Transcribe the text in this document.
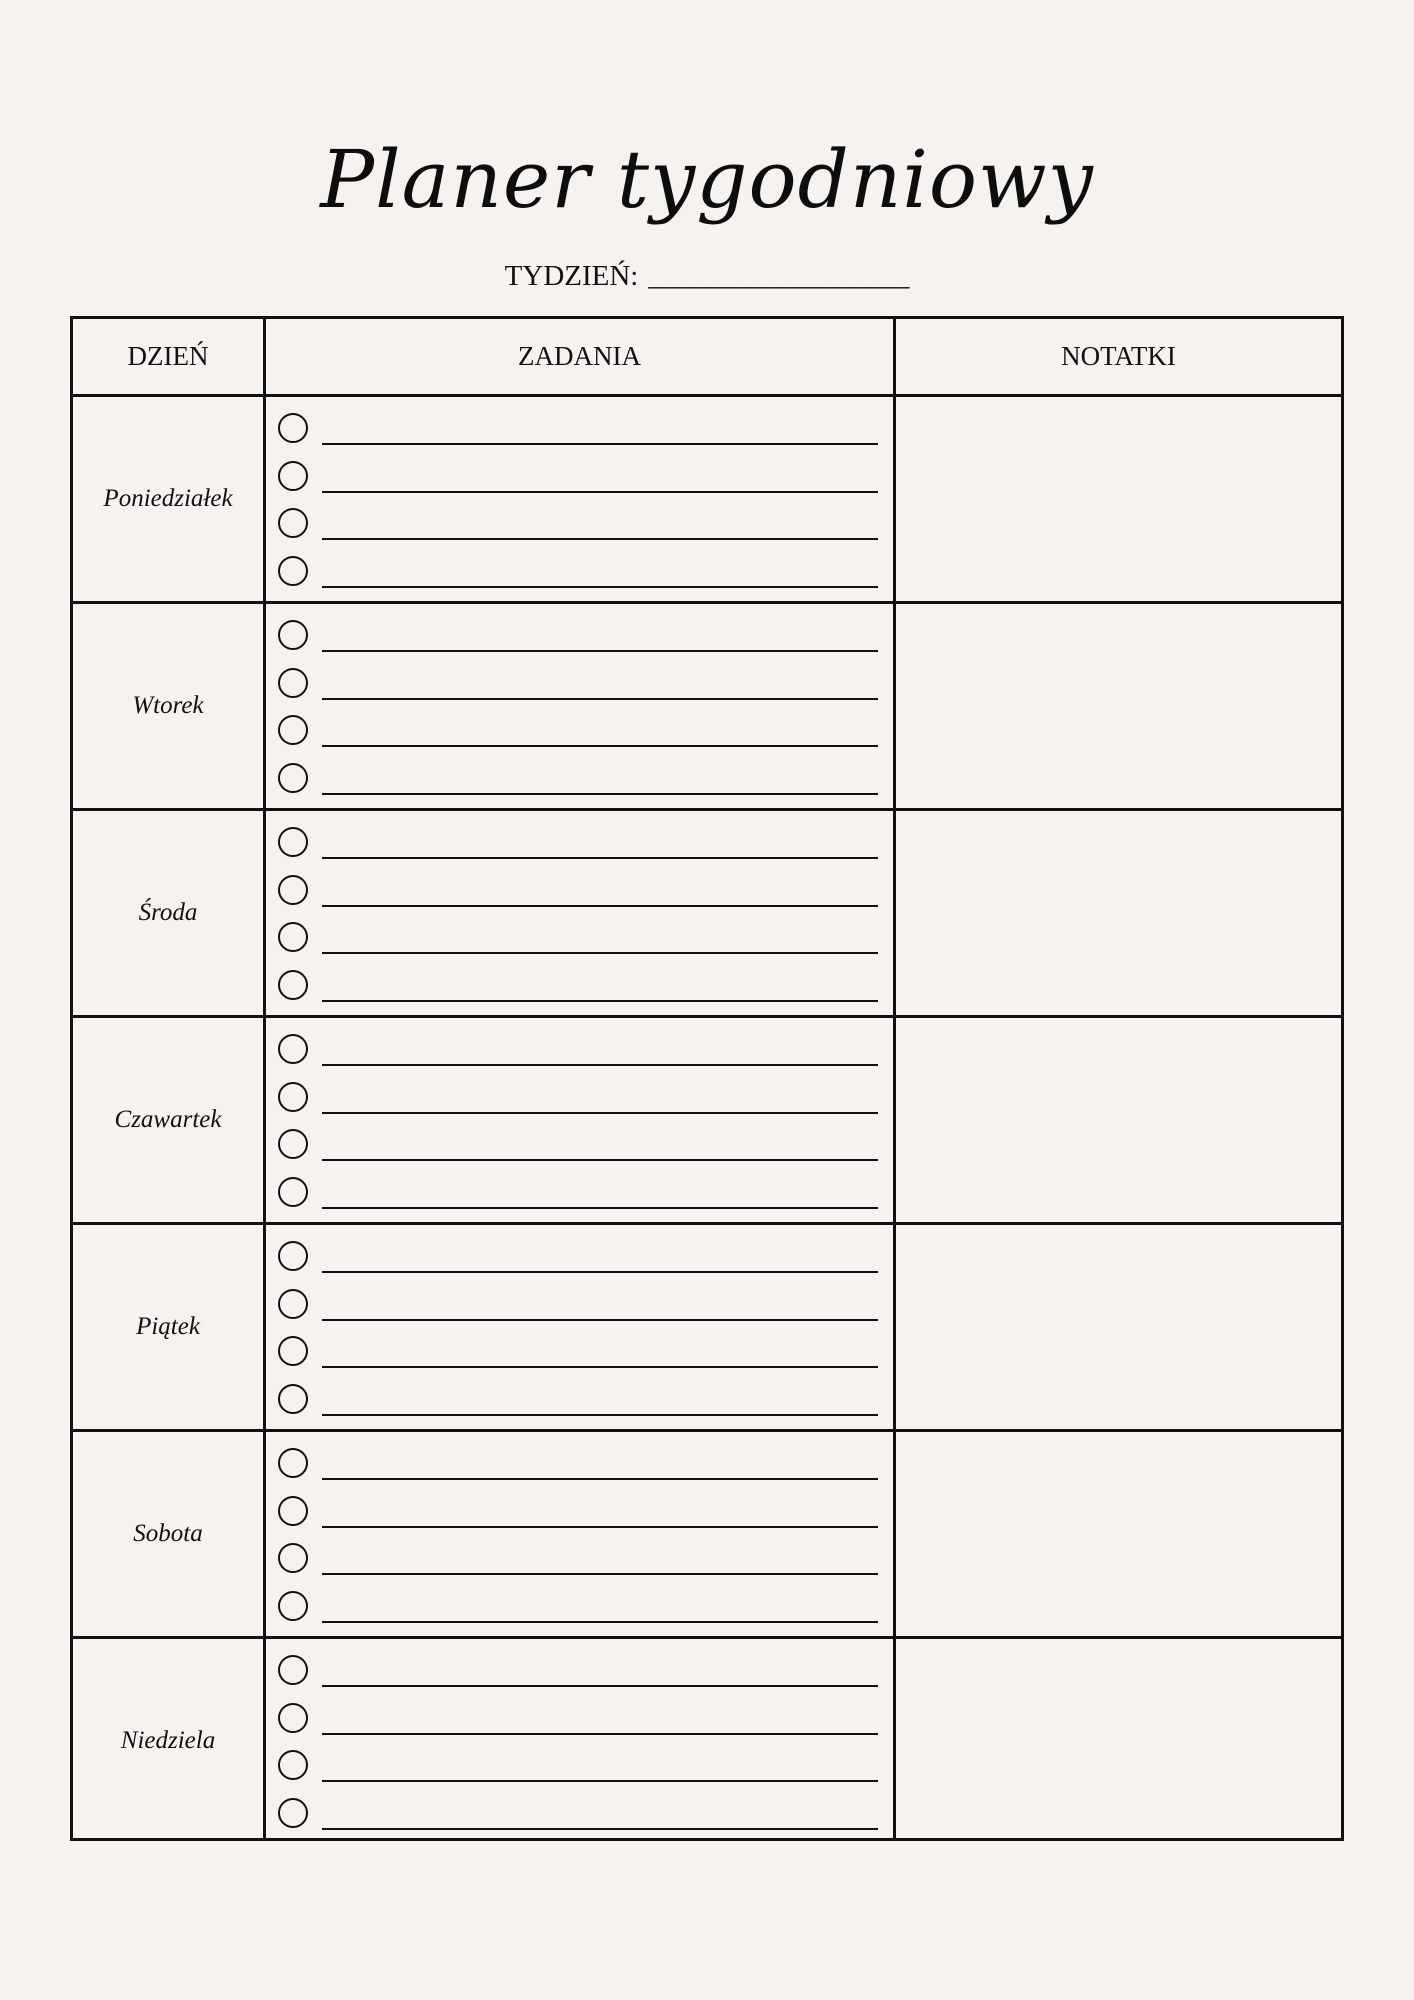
Planer tygodniowy
TYDZIEŃ: __________________
DZIEŃ	ZADANIA	NOTATKI
Poniedziałek
Wtorek
Środa
Czawartek
Piątek
Sobota
Niedziela
